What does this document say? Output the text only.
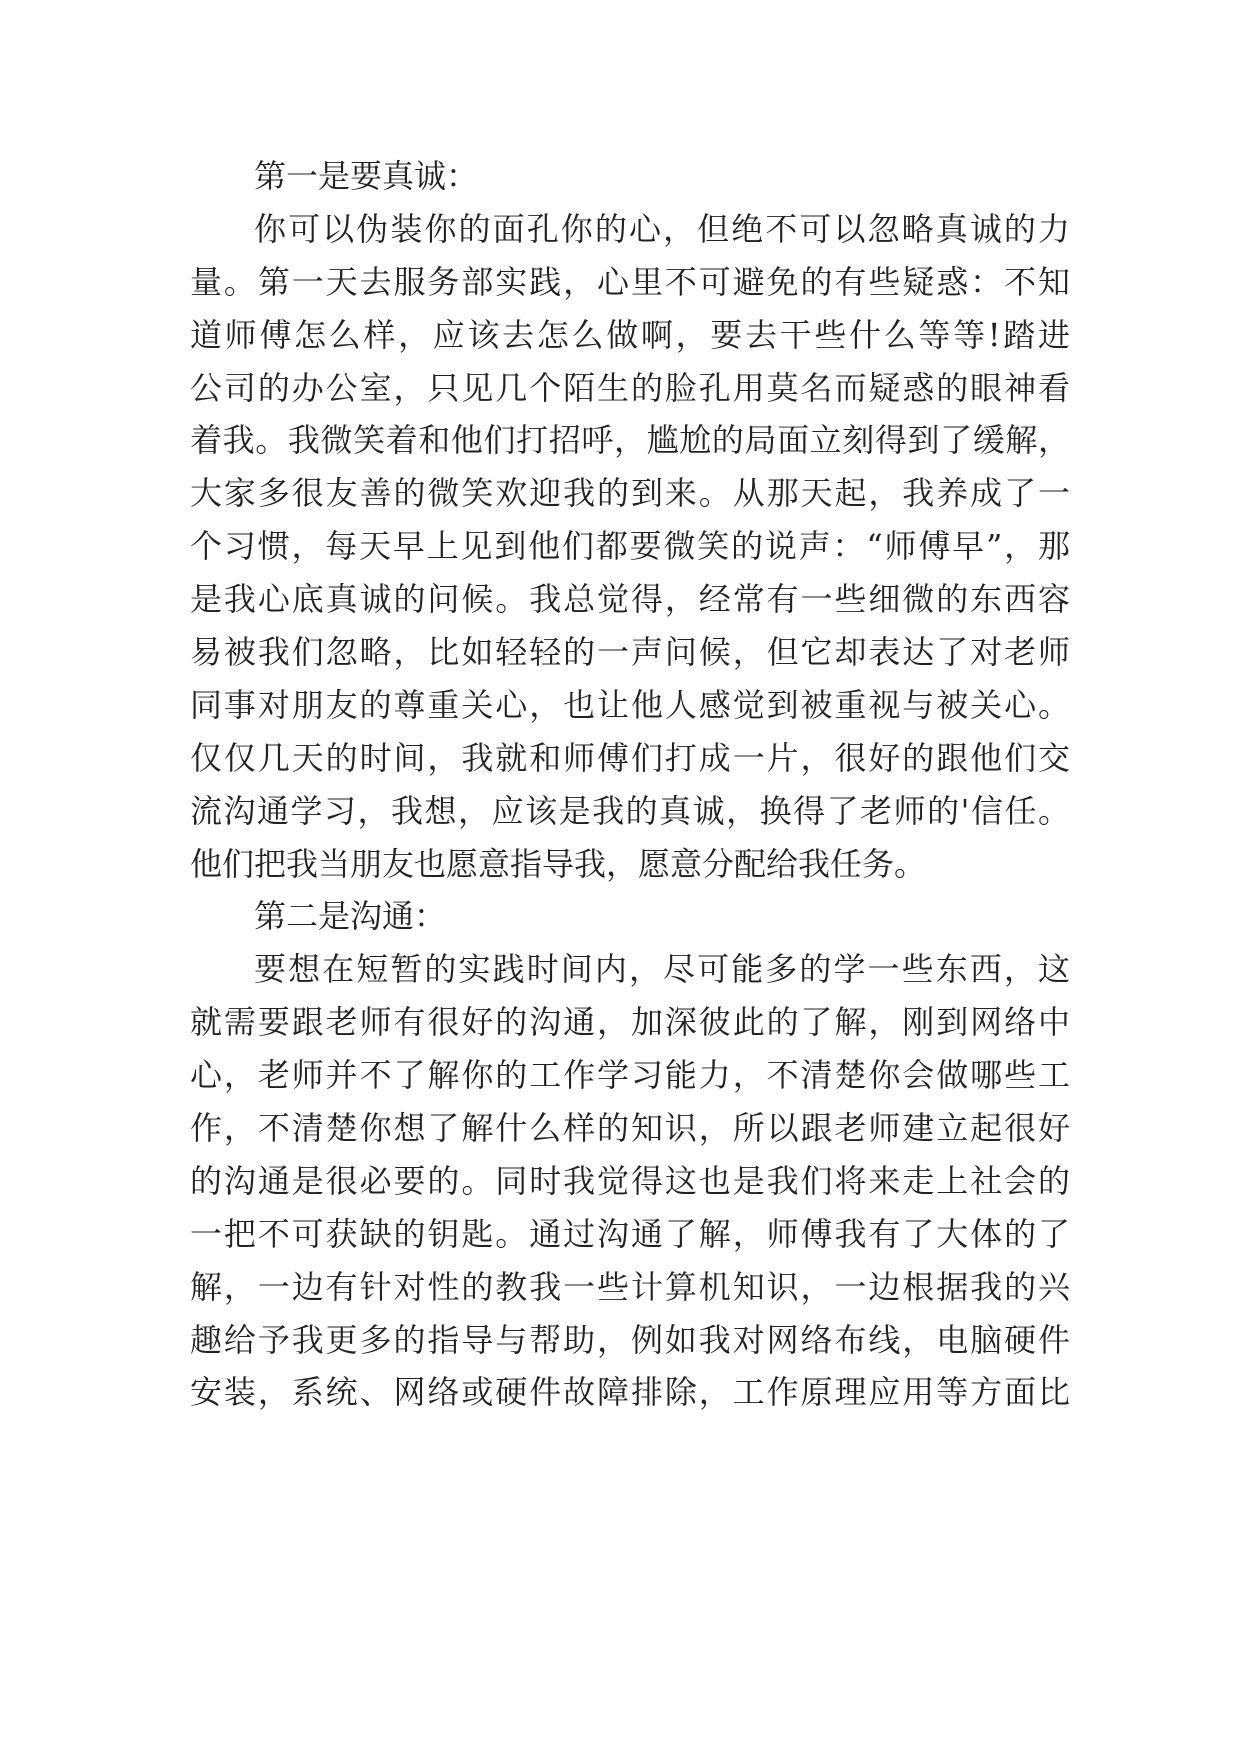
第一是要真诚：
你可以伪装你的面孔你的心，但绝不可以忽略真诚的力
量。第一天去服务部实践，心里不可避免的有些疑惑：不知
道师傅怎么样，应该去怎么做啊，要去干些什么等等!踏进
公司的办公室，只见几个陌生的脸孔用莫名而疑惑的眼神看
着我。我微笑着和他们打招呼，尴尬的局面立刻得到了缓解，
大家多很友善的微笑欢迎我的到来。从那天起，我养成了一
个习惯，每天早上见到他们都要微笑的说声：“师傅早”，那
是我心底真诚的问候。我总觉得，经常有一些细微的东西容
易被我们忽略，比如轻轻的一声问候，但它却表达了对老师
同事对朋友的尊重关心，也让他人感觉到被重视与被关心。
仅仅几天的时间，我就和师傅们打成一片，很好的跟他们交
流沟通学习，我想，应该是我的真诚，换得了老师的'信任。
他们把我当朋友也愿意指导我，愿意分配给我任务。
第二是沟通：
要想在短暂的实践时间内，尽可能多的学一些东西，这
就需要跟老师有很好的沟通，加深彼此的了解，刚到网络中
心，老师并不了解你的工作学习能力，不清楚你会做哪些工
作，不清楚你想了解什么样的知识，所以跟老师建立起很好
的沟通是很必要的。同时我觉得这也是我们将来走上社会的
一把不可获缺的钥匙。通过沟通了解，师傅我有了大体的了
解，一边有针对性的教我一些计算机知识，一边根据我的兴
趣给予我更多的指导与帮助，例如我对网络布线，电脑硬件
安装，系统、网络或硬件故障排除，工作原理应用等方面比
